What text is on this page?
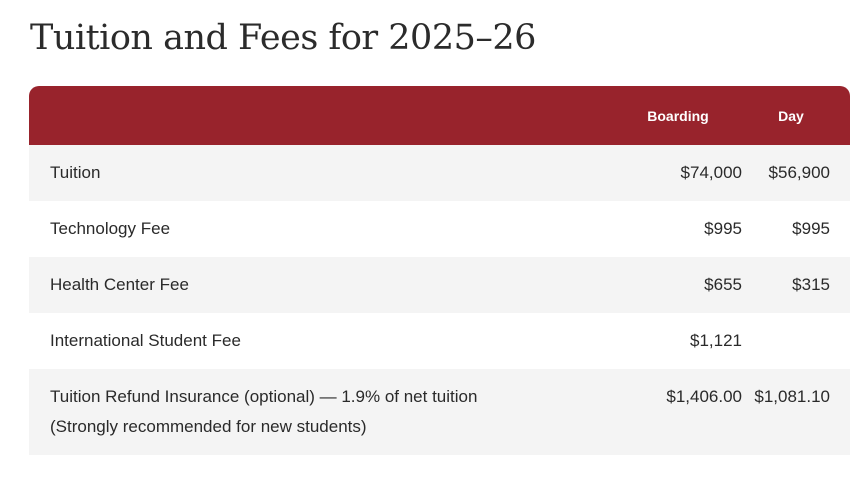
Tuition and Fees for 2025–26
	Boarding	Day
Tuition	$74,000	$56,900
Technology Fee	$995	$995
Health Center Fee	$655	$315
International Student Fee	$1,121	

Tuition Refund Insurance (optional) — 1.9% of net tuition
(Strongly recommended for new students)	$1,406.00	$1,081.10
